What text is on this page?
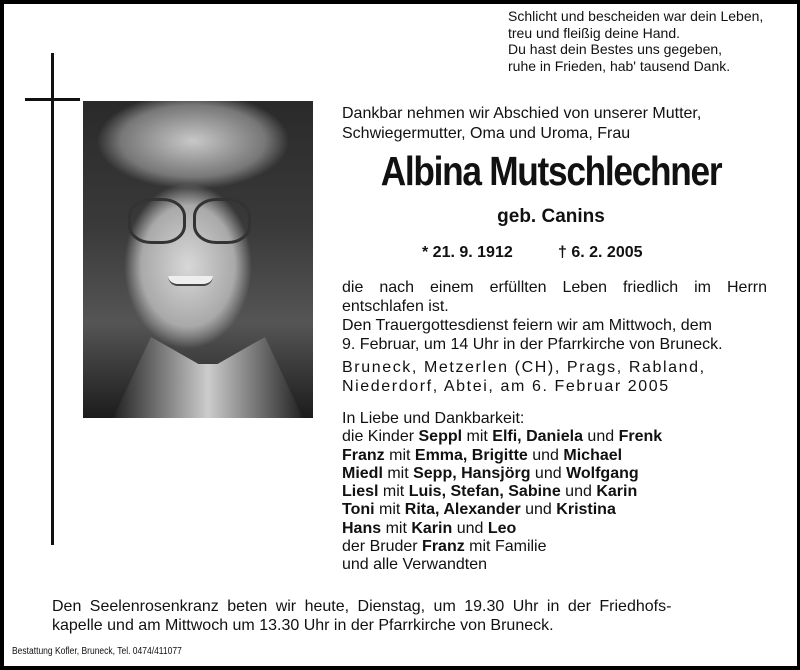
Schlicht und bescheiden war dein Leben,
treu und fleißig deine Hand.
Du hast dein Bestes uns gegeben,
ruhe in Frieden, hab' tausend Dank.
Dankbar nehmen wir Abschied von unserer Mutter,
Schwiegermutter, Oma und Uroma, Frau
Albina Mutschlechner
geb. Canins
* 21. 9. 1912	† 6. 2. 2005
die nach einem erfüllten Leben friedlich im Herrn entschlafen ist.
Den Trauergottesdienst feiern wir am Mittwoch, dem
9. Februar, um 14 Uhr in der Pfarrkirche von Bruneck.
Bruneck, Metzerlen (CH), Prags, Rabland,
Niederdorf, Abtei, am 6. Februar 2005
In Liebe und Dankbarkeit:
die Kinder Seppl mit Elfi, Daniela und Frenk
Franz mit Emma, Brigitte und Michael
Miedl mit Sepp, Hansjörg und Wolfgang
Liesl mit Luis, Stefan, Sabine und Karin
Toni mit Rita, Alexander und Kristina
Hans mit Karin und Leo
der Bruder Franz mit Familie
und alle Verwandten
Den Seelenrosenkranz beten wir heute, Dienstag, um 19.30 Uhr in der Friedhofs-
kapelle und am Mittwoch um 13.30 Uhr in der Pfarrkirche von Bruneck.
Bestattung Kofler, Bruneck, Tel. 0474/411077
